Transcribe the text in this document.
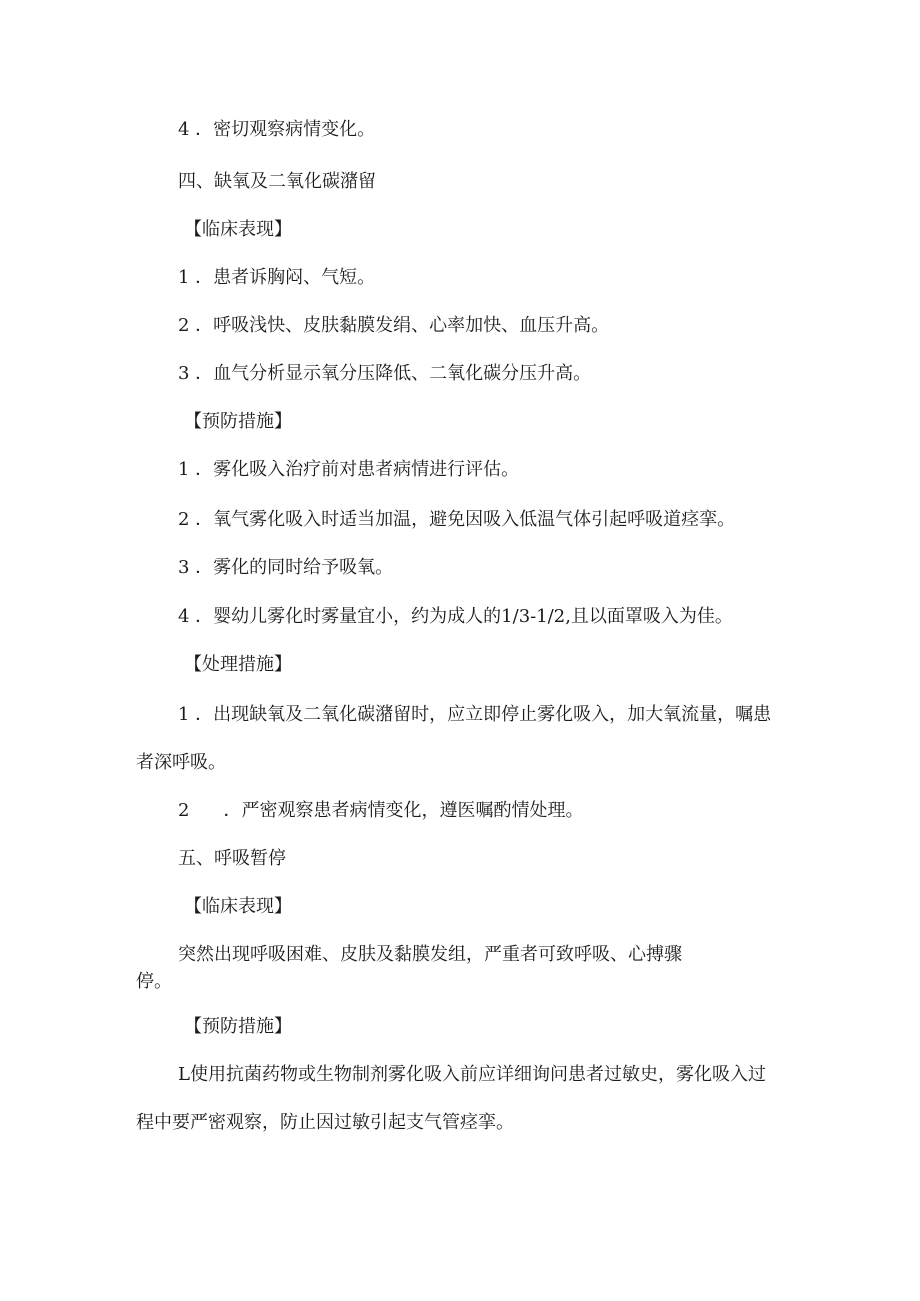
4 ．密切观察病情变化。

四、缺氧及二氧化碳潴留

【临床表现】

1 ．患者诉胸闷、气短。

2 ．呼吸浅快、皮肤黏膜发绢、心率加快、血压升高。

3 ．血气分析显示氧分压降低、二氧化碳分压升高。

【预防措施】

1 ．雾化吸入治疗前对患者病情进行评估。

2 ．氧气雾化吸入时适当加温，避免因吸入低温气体引起呼吸道痉挛。

3 ．雾化的同时给予吸氧。

4 ．婴幼儿雾化时雾量宜小，约为成人的1/3-1/2,且以面罩吸入为佳。

【处理措施】

1 ．出现缺氧及二氧化碳潴留时，应立即停止雾化吸入，加大氧流量，嘱患

者深呼吸。

2 ．严密观察患者病情变化，遵医嘱酌情处理。

五、呼吸暂停

【临床表现】

突然出现呼吸困难、皮肤及黏膜发组，严重者可致呼吸、心搏骤

停。

【预防措施】

L使用抗菌药物或生物制剂雾化吸入前应详细询问患者过敏史，雾化吸入过

程中要严密观察，防止因过敏引起支气管痉挛。
